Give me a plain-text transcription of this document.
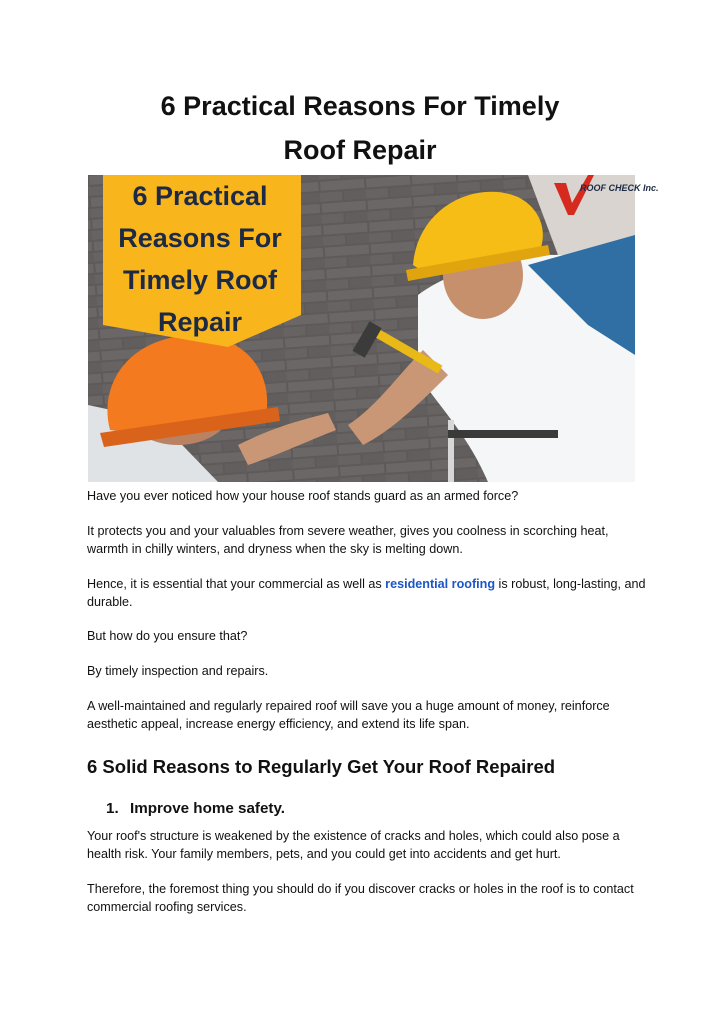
6 Practical Reasons For Timely
Roof Repair
6 Practical
Reasons For
Timely Roof
Repair
ROOF CHECK Inc.

Have you ever noticed how your house roof stands guard as an armed force?

It protects you and your valuables from severe weather, gives you coolness in scorching heat, warmth in chilly winters, and dryness when the sky is melting down.

Hence, it is essential that your commercial as well as residential roofing is robust, long-lasting, and durable.

But how do you ensure that?

By timely inspection and repairs.

A well-maintained and regularly repaired roof will save you a huge amount of money, reinforce aesthetic appeal, increase energy efficiency, and extend its life span.

6 Solid Reasons to Regularly Get Your Roof Repaired
1. Improve home safety.

Your roof's structure is weakened by the existence of cracks and holes, which could also pose a health risk. Your family members, pets, and you could get into accidents and get hurt.

Therefore, the foremost thing you should do if you discover cracks or holes in the roof is to contact commercial roofing services.
